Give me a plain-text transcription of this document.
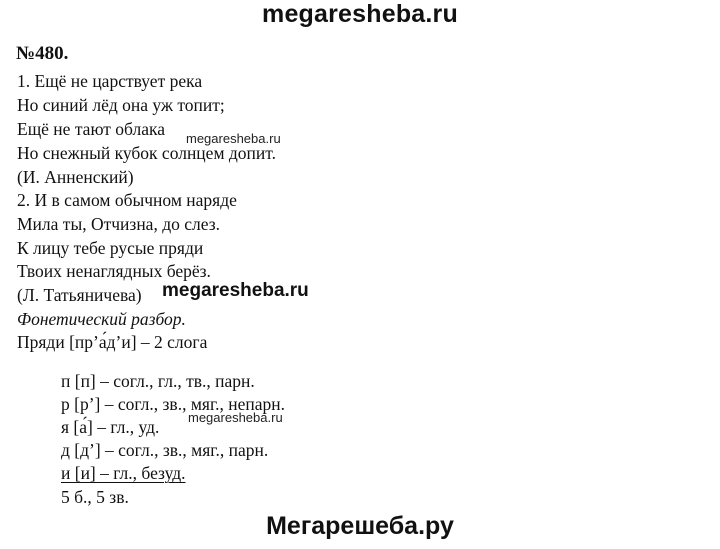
megaresheba.ru
№480.
1. Ещё не царствует река
Но синий лёд она уж топит;
Ещё не тают облака
Но снежный кубок солнцем допит.
(И. Анненский)
2. И в самом обычном наряде
Мила ты, Отчизна, до слез.
К лицу тебе русые пряди
Твоих ненаглядных берёз.
(Л. Татьяничева)
Фонетический разбор.
Пряди [пр’а́д’и] – 2 слога
п [п] – согл., гл., тв., парн.
р [р’] – согл., зв., мяг., непарн.
я [а́] – гл., уд.
д [д’] – согл., зв., мяг., парн.
и [и] – гл., безуд.
5 б., 5 зв.
megaresheba.ru
megaresheba.ru
megaresheba.ru
Мегарешеба.ру
